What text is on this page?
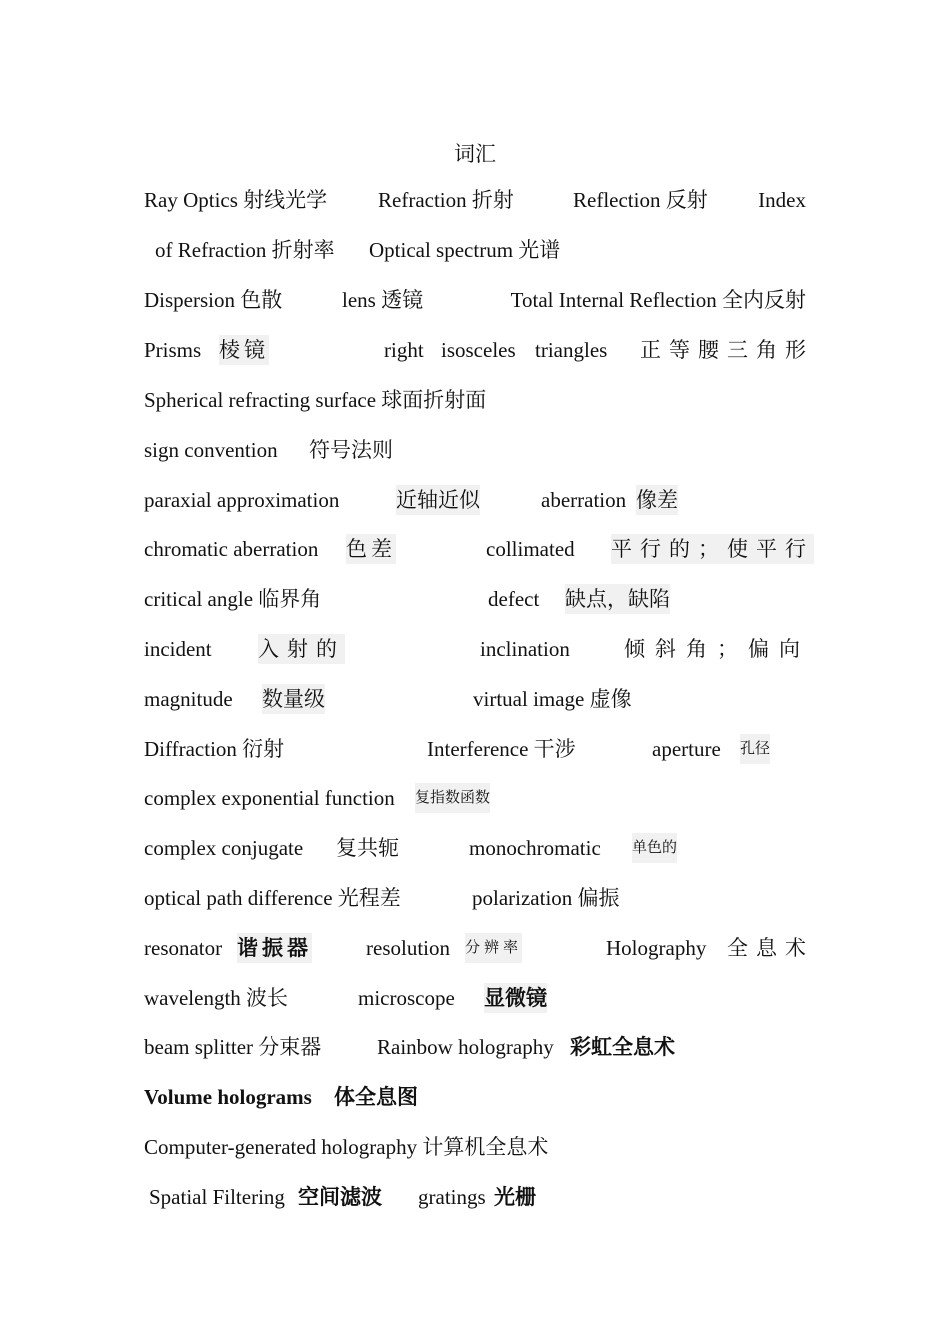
词汇
Ray Optics 射线光学 Refraction 折射	Reflection 反射 Index
of Refraction 折射率 Optical spectrum 光谱
Dispersion 色散	lens 透镜	Total Internal Reflection 全内反射
Prisms 棱镜	right isosceles triangles 正等腰三角形
Spherical refracting surface 球面折射面
sign convention 符号法则
paraxial approximation	近轴近似	aberration 像差
chromatic aberration 色差	collimated 平行的；使平行
critical angle 临界角	defect 缺点，缺陷
incident 入射的	inclination	倾斜角；偏向
magnitude 数量级	virtual image 虚像
Diffraction 衍射	Interference 干涉	aperture 孔径
complex exponential function 复指数函数
complex conjugate 复共轭	monochromatic 单色的
optical path difference 光程差	polarization 偏振
resonator 谐振器	resolution 分辨率	Holography 全息术
wavelength 波长	microscope 显微镜
beam splitter 分束器	Rainbow holography 彩虹全息术
Volume holograms 体全息图
Computer-generated holography 计算机全息术
Spatial Filtering 空间滤波 gratings 光栅
